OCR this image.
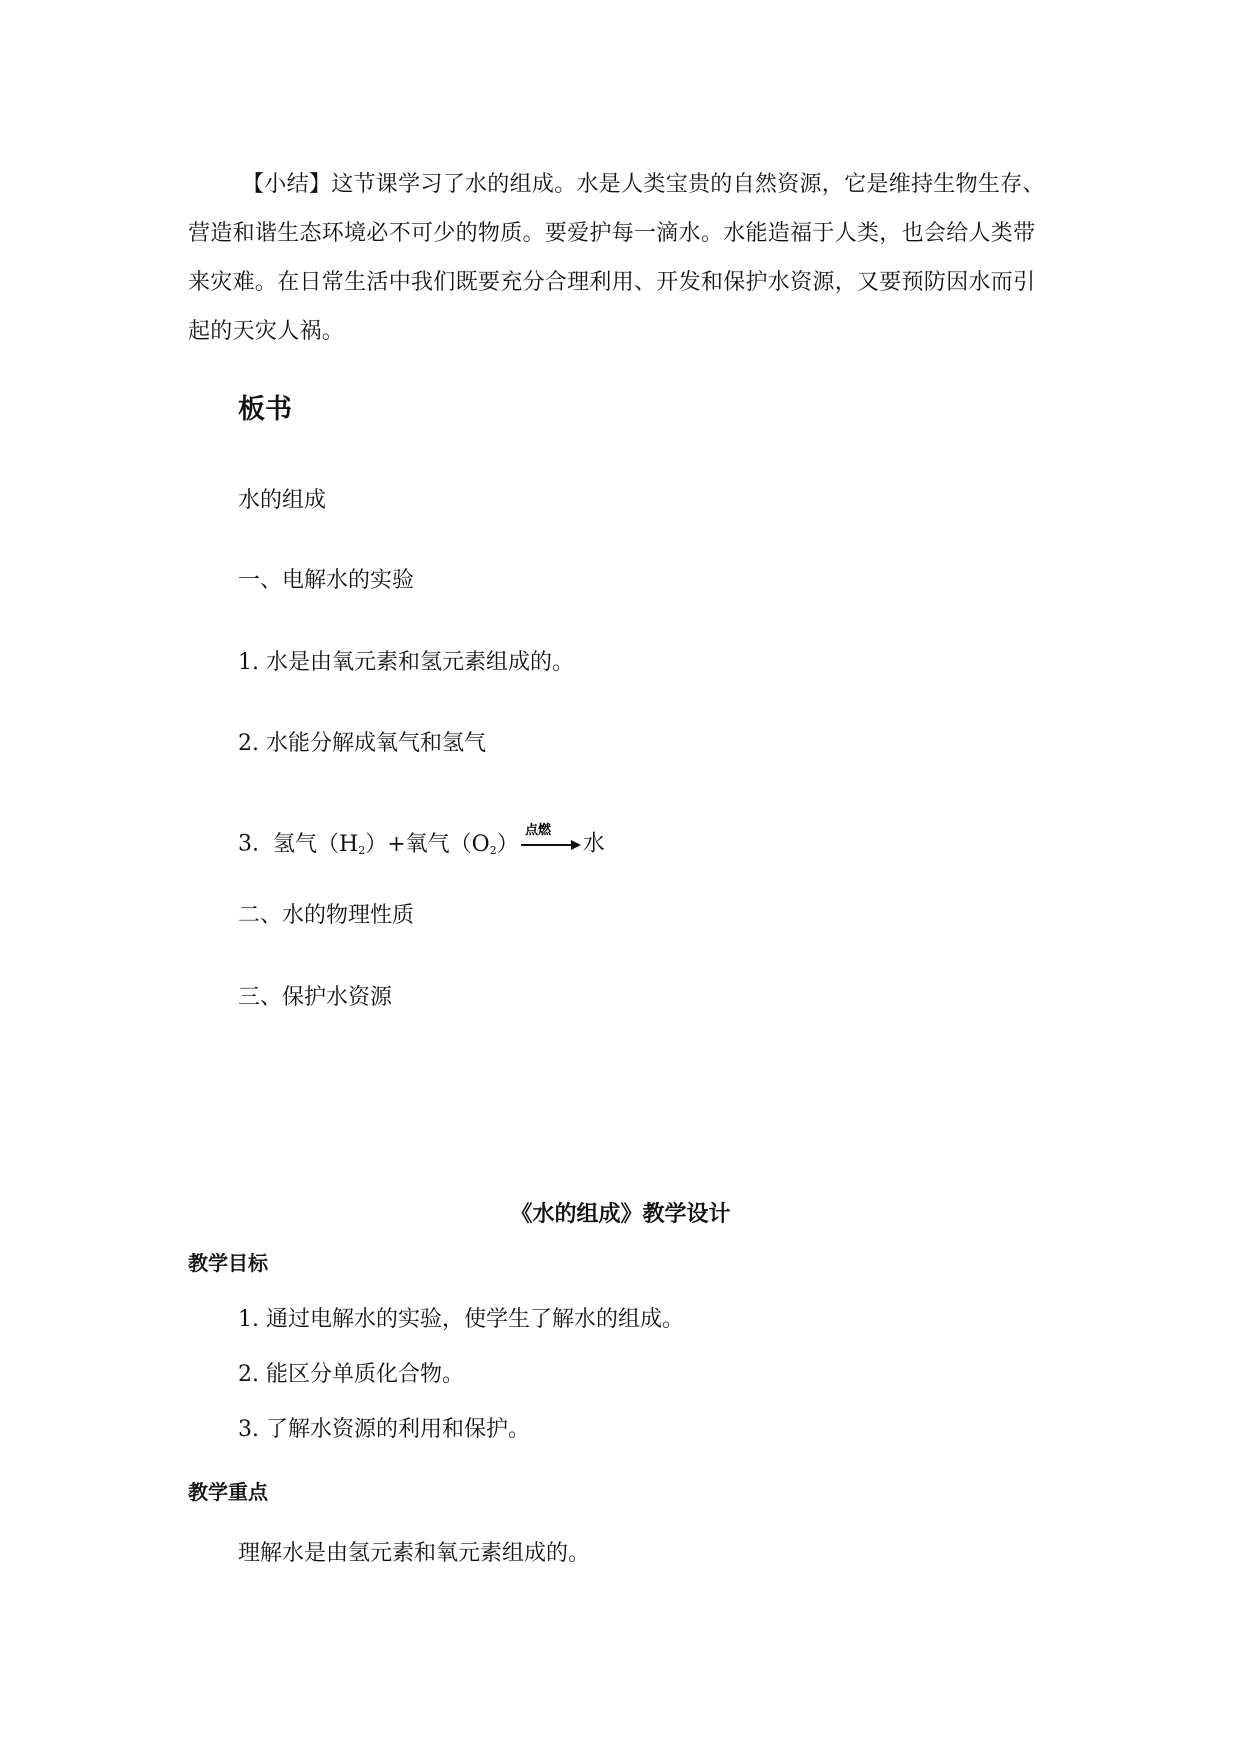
【小结】这节课学习了水的组成。水是人类宝贵的自然资源，它是维持生物生存、营造和谐生态环境必不可少的物质。要爱护每一滴水。水能造福于人类，也会给人类带来灾难。在日常生活中我们既要充分合理利用、开发和保护水资源，又要预防因水而引起的天灾人祸。
板书
水的组成
一、电解水的实验
1. 水是由氧元素和氢元素组成的。
2. 水能分解成氧气和氢气
3. 氢气$(H_2)+$氧气$(O_2)$
点燃
水
二、水的物理性质
三、保护水资源
《水的组成》教学设计
教学目标
1. 通过电解水的实验，使学生了解水的组成。
2. 能区分单质化合物。
3. 了解水资源的利用和保护。
教学重点
理解水是由氢元素和氧元素组成的。
